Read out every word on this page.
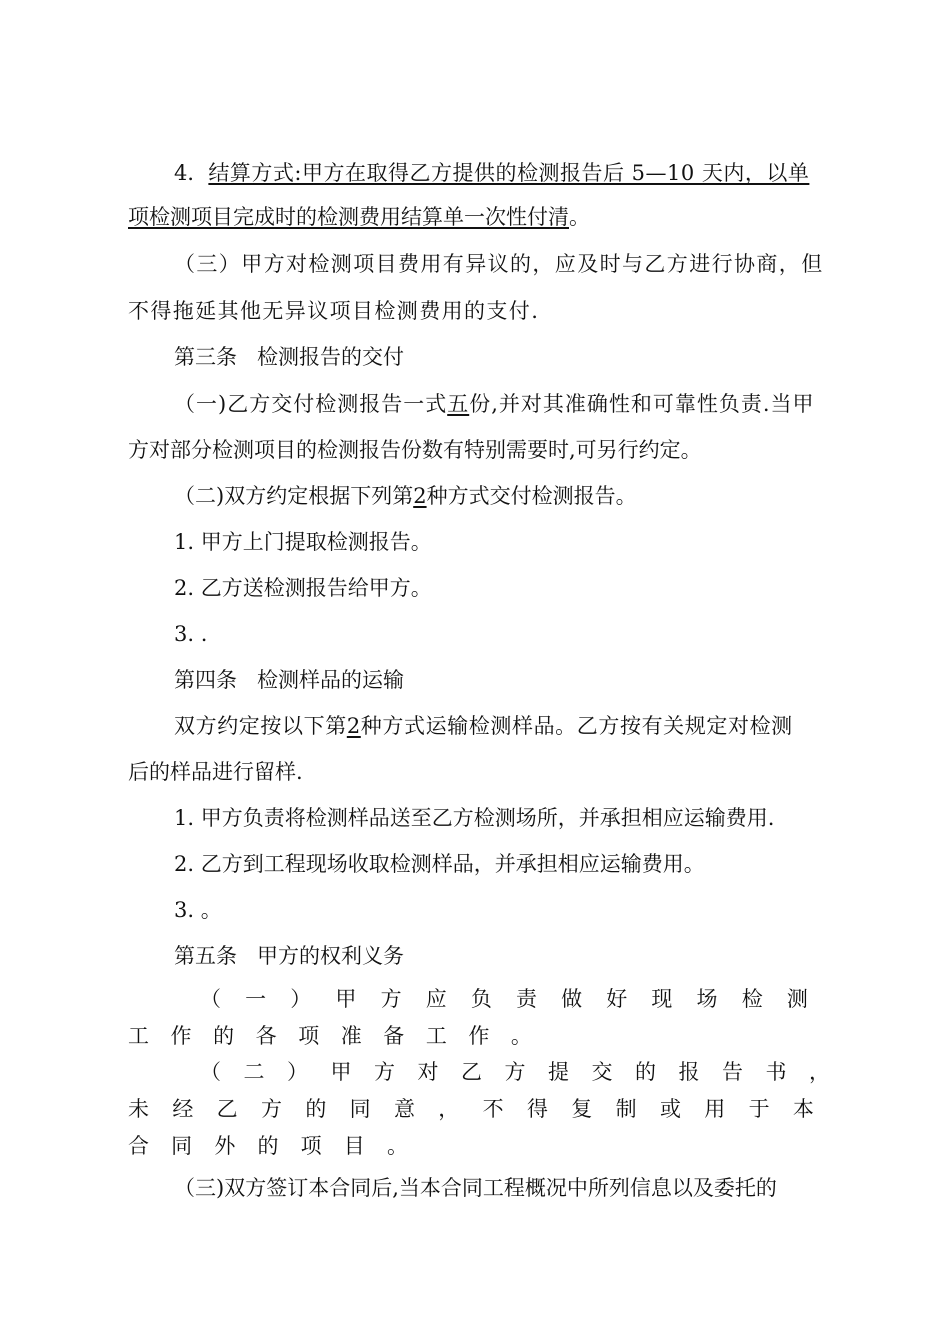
4． 结算方式:甲方在取得乙方提供的检测报告后 5—10 天内，以单
项检测项目完成时的检测费用结算单一次性付清。
（三）甲方对检测项目费用有异议的，应及时与乙方进行协商，但
不得拖延其他无异议项目检测费用的支付.
第三条   检测报告的交付
（一)乙方交付检测报告一式五份,并对其准确性和可靠性负责.当甲
方对部分检测项目的检测报告份数有特别需要时,可另行约定。
（二)双方约定根据下列第2种方式交付检测报告。
1. 甲方上门提取检测报告。
2. 乙方送检测报告给甲方。
3. .
第四条   检测样品的运输
双方约定按以下第2种方式运输检测样品。乙方按有关规定对检测
后的样品进行留样.
1. 甲方负责将检测样品送至乙方检测场所，并承担相应运输费用.
2. 乙方到工程现场收取检测样品，并承担相应运输费用。
3. 。
第五条   甲方的权利义务
（ 一 ） 甲 方 应 负 责 做 好 现 场 检 测
工 作 的 各 项 准 备 工 作 。
（ 二 ） 甲 方 对 乙 方 提 交 的 报 告 书 ，
未 经 乙 方 的 同 意 ， 不 得 复 制 或 用 于 本
合 同 外 的 项 目 。
（三)双方签订本合同后,当本合同工程概况中所列信息以及委托的
